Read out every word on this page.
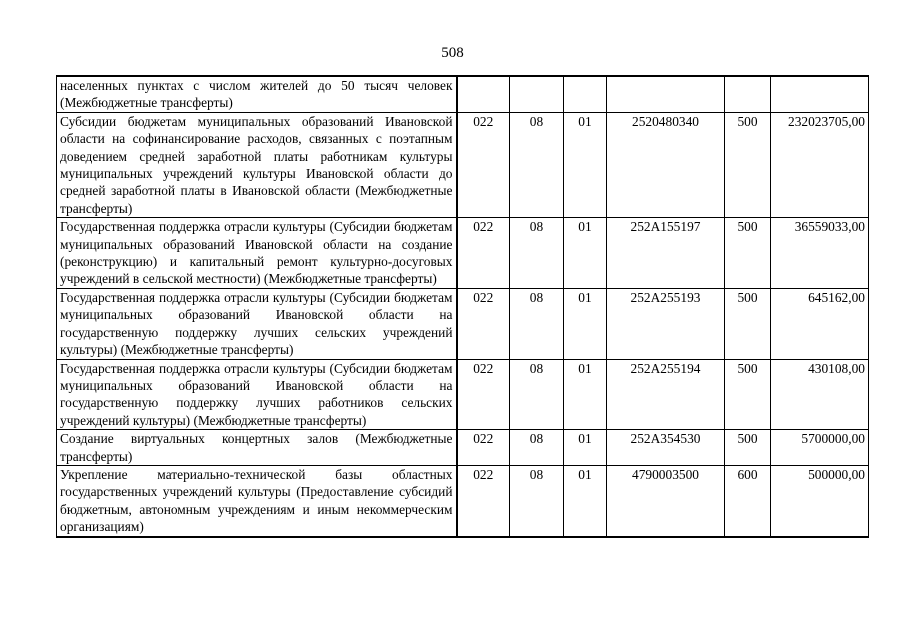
508
населенных пунктах с числом жителей до 50 тысяч человек (Межбюджетные трансферты)						
Субсидии бюджетам муниципальных образований Ивановской области на софинансирование расходов, связанных с поэтапным доведением средней заработной платы работникам культуры муниципальных учреждений культуры Ивановской области до средней заработной платы в Ивановской области (Межбюджетные трансферты)	022	08	01	2520480340	500	232023705,00
Государственная поддержка отрасли культуры (Субсидии бюджетам муниципальных образований Ивановской области на создание (реконструкцию) и капитальный ремонт культурно-досуговых учреждений в сельской местности) (Межбюджетные трансферты)	022	08	01	252А155197	500	36559033,00
Государственная поддержка отрасли культуры (Субсидии бюджетам муниципальных образований Ивановской области на государственную поддержку лучших сельских учреждений культуры) (Межбюджетные трансферты)	022	08	01	252А255193	500	645162,00
Государственная поддержка отрасли культуры (Субсидии бюджетам муниципальных образований Ивановской области на государственную поддержку лучших работников сельских учреждений культуры) (Межбюджетные трансферты)	022	08	01	252А255194	500	430108,00
Создание виртуальных концертных залов (Межбюджетные трансферты)	022	08	01	252А354530	500	5700000,00
Укрепление материально-технической базы областных государственных учреждений культуры (Предоставление субсидий бюджетным, автономным учреждениям и иным некоммерческим организациям)	022	08	01	4790003500	600	500000,00
